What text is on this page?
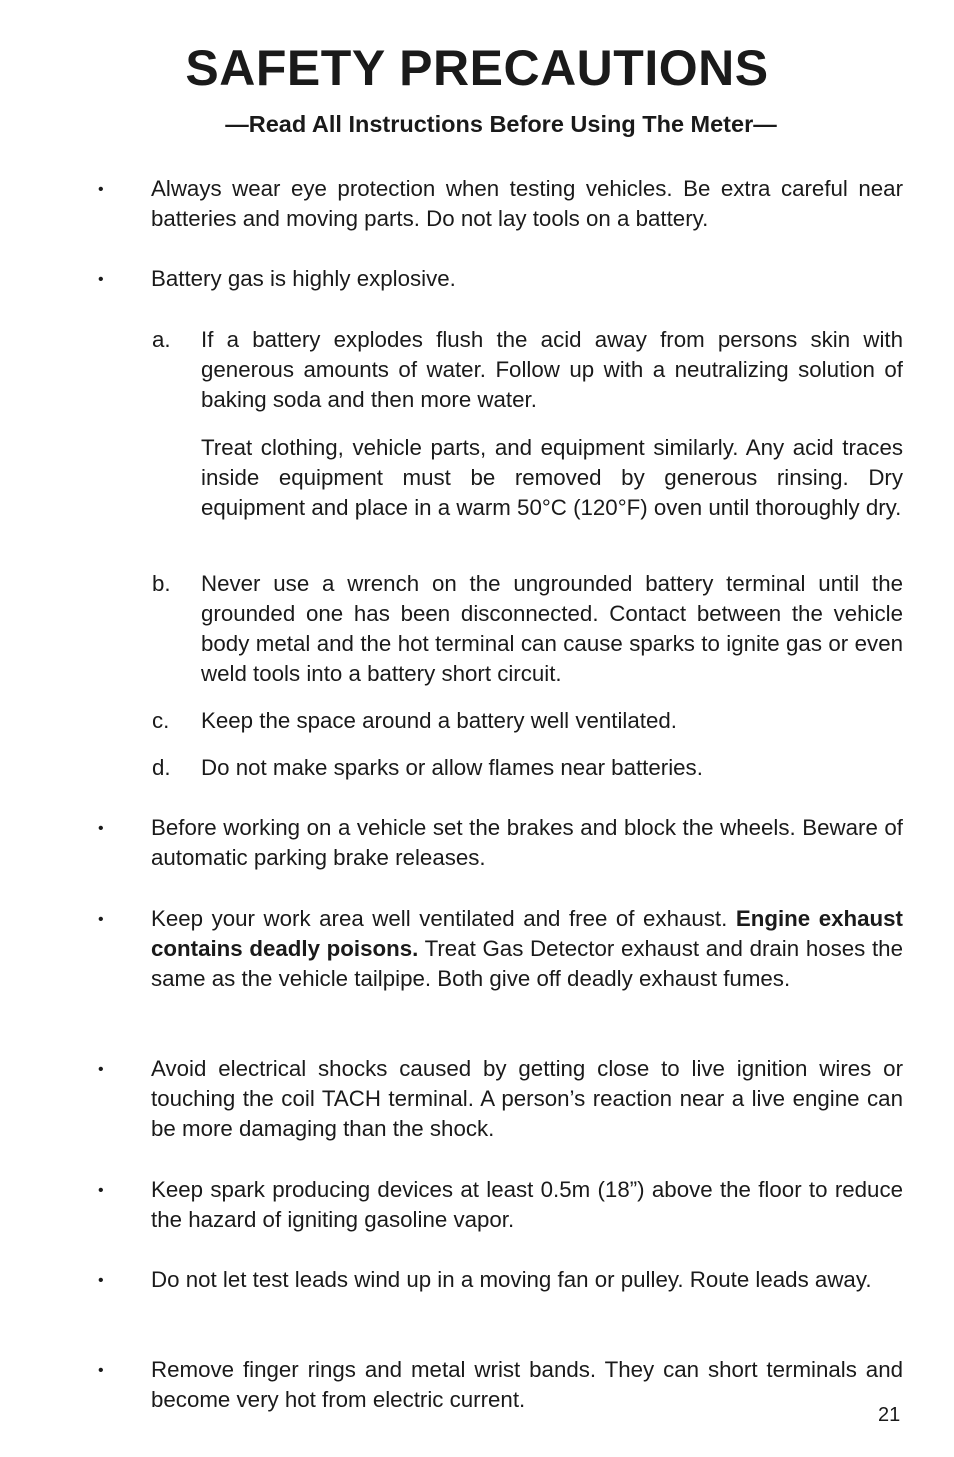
SAFETY PRECAUTIONS
—Read All Instructions Before Using The Meter—
• Always wear eye protection when testing vehicles. Be extra careful near batteries and moving parts. Do not lay tools on a battery.

• Battery gas is highly explosive.

a. If a battery explodes flush the acid away from persons skin with generous amounts of water. Follow up with a neutralizing solution of baking soda and then more water.

Treat clothing, vehicle parts, and equipment similarly. Any acid traces inside equipment must be removed by generous rinsing. Dry equipment and place in a warm 50°C (120°F) oven until thoroughly dry.

b. Never use a wrench on the ungrounded battery terminal until the grounded one has been disconnected. Contact between the vehicle body metal and the hot terminal can cause sparks to ignite gas or even weld tools into a battery short circuit.

c. Keep the space around a battery well ventilated.

d. Do not make sparks or allow flames near batteries.

• Before working on a vehicle set the brakes and block the wheels. Beware of automatic parking brake releases.

• Keep your work area well ventilated and free of exhaust. Engine exhaust contains deadly poisons. Treat Gas Detector exhaust and drain hoses the same as the vehicle tailpipe. Both give off deadly exhaust fumes.

• Avoid electrical shocks caused by getting close to live ignition wires or touching the coil TACH terminal. A person’s reaction near a live engine can be more damaging than the shock.

• Keep spark producing devices at least 0.5m (18”) above the floor to reduce the hazard of igniting gasoline vapor.

• Do not let test leads wind up in a moving fan or pulley. Route leads away.

• Remove finger rings and metal wrist bands. They can short terminals and become very hot from electric current.

21
